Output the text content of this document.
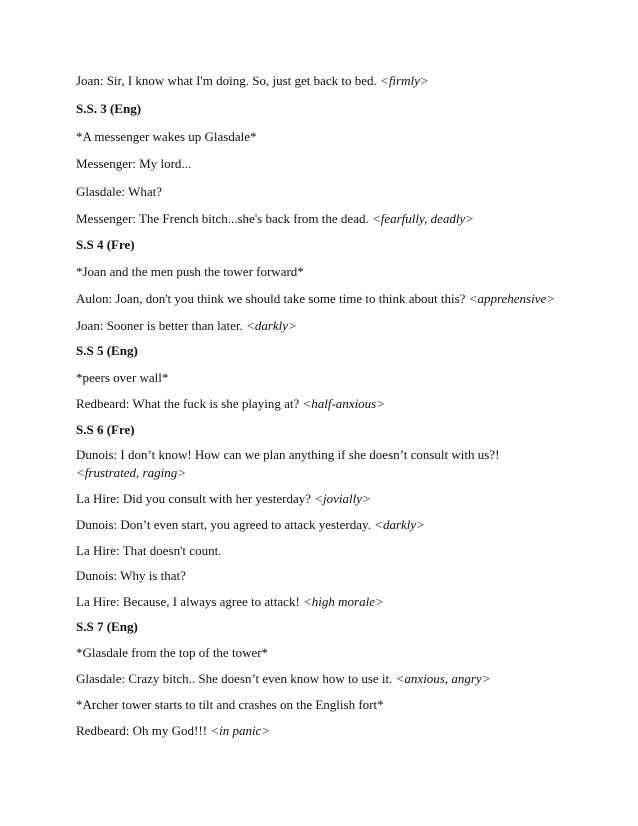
Joan: Sir, I know what I'm doing. So, just get back to bed. <firmly>

S.S. 3 (Eng)

*A messenger wakes up Glasdale*

Messenger: My lord...

Glasdale: What?

Messenger: The French bitch...she's back from the dead. <fearfully, deadly>

S.S 4 (Fre)

*Joan and the men push the tower forward*

Aulon: Joan, don't you think we should take some time to think about this? <apprehensive>

Joan: Sooner is better than later. <darkly>

S.S 5 (Eng)

*peers over wall*

Redbeard: What the fuck is she playing at? <half-anxious>

S.S 6 (Fre)

Dunois: I don’t know! How can we plan anything if she doesn’t consult with us?! <frustrated, raging>

La Hire: Did you consult with her yesterday? <jovially>

Dunois: Don’t even start, you agreed to attack yesterday. <darkly>

La Hire: That doesn't count.

Dunois: Why is that?

La Hire: Because, I always agree to attack! <high morale>

S.S 7 (Eng)

*Glasdale from the top of the tower*

Glasdale: Crazy bitch.. She doesn’t even know how to use it. <anxious, angry>

*Archer tower starts to tilt and crashes on the English fort*

Redbeard: Oh my God!!! <in panic>
